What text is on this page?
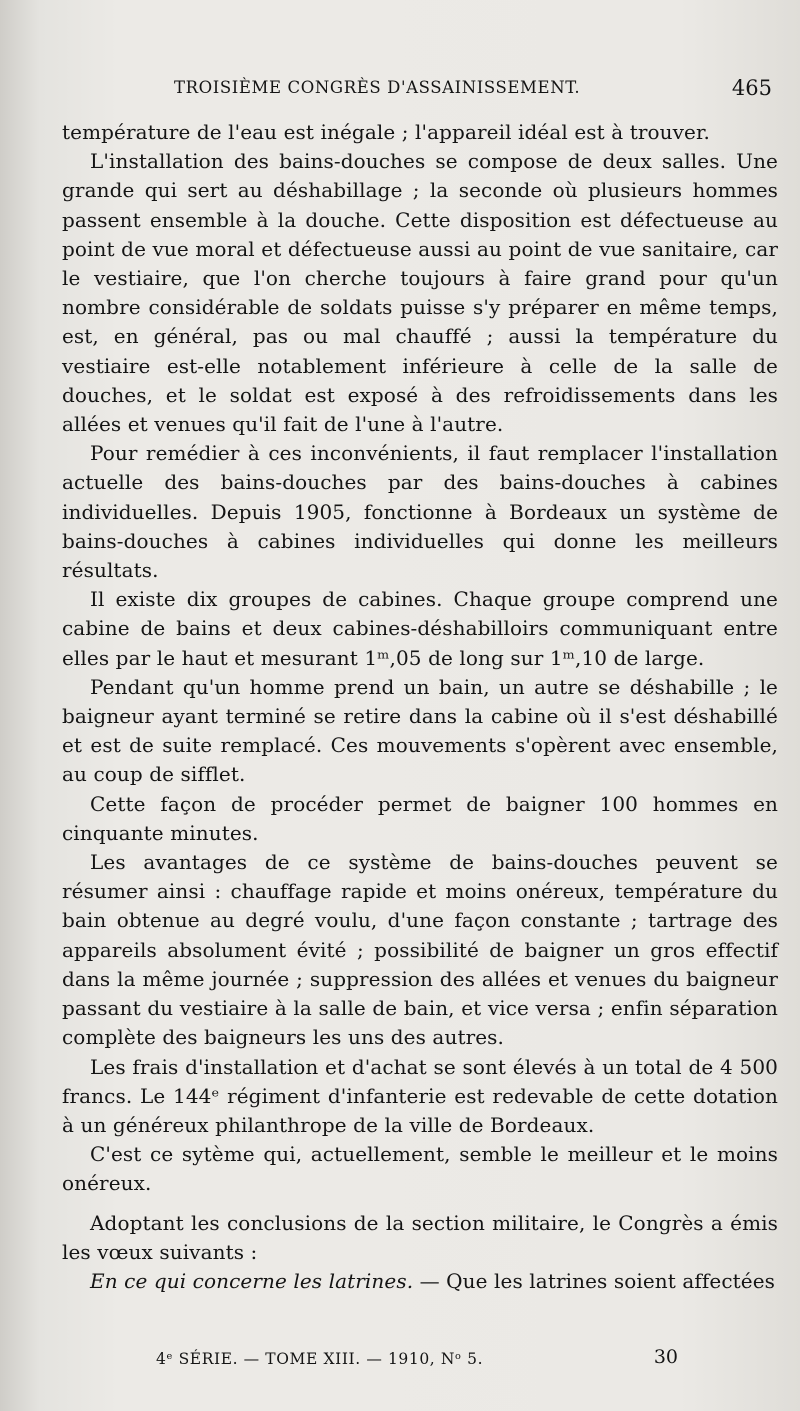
TROISIÈME CONGRÈS D'ASSAINISSEMENT.	465

température de l'eau est inégale ; l'appareil idéal est à trouver.

L'installation des bains-douches se compose de deux salles. Une grande qui sert au déshabillage ; la seconde où plusieurs hommes passent ensemble à la douche. Cette disposition est défectueuse au point de vue moral et défectueuse aussi au point de vue sanitaire, car le vestiaire, que l'on cherche toujours à faire grand pour qu'un nombre considérable de soldats puisse s'y préparer en même temps, est, en général, pas ou mal chauffé ; aussi la température du vestiaire est-elle notablement inférieure à celle de la salle de douches, et le soldat est exposé à des refroidissements dans les allées et venues qu'il fait de l'une à l'autre.

Pour remédier à ces inconvénients, il faut remplacer l'installation actuelle des bains-douches par des bains-douches à cabines individuelles. Depuis 1905, fonctionne à Bordeaux un système de bains-douches à cabines individuelles qui donne les meilleurs résultats.

Il existe dix groupes de cabines. Chaque groupe comprend une cabine de bains et deux cabines-déshabilloirs communiquant entre elles par le haut et mesurant 1ᵐ,05 de long sur 1ᵐ,10 de large.

Pendant qu'un homme prend un bain, un autre se déshabille ; le baigneur ayant terminé se retire dans la cabine où il s'est déshabillé et est de suite remplacé. Ces mouvements s'opèrent avec ensemble, au coup de sifflet.

Cette façon de procéder permet de baigner 100 hommes en cinquante minutes.

Les avantages de ce système de bains-douches peuvent se résumer ainsi : chauffage rapide et moins onéreux, température du bain obtenue au degré voulu, d'une façon constante ; tartrage des appareils absolument évité ; possibilité de baigner un gros effectif dans la même journée ; suppression des allées et venues du baigneur passant du vestiaire à la salle de bain, et vice versa ; enfin séparation complète des baigneurs les uns des autres.

Les frais d'installation et d'achat se sont élevés à un total de 4 500 francs. Le 144ᵉ régiment d'infanterie est redevable de cette dotation à un généreux philanthrope de la ville de Bordeaux.

C'est ce sytème qui, actuellement, semble le meilleur et le moins onéreux.

Adoptant les conclusions de la section militaire, le Congrès a émis les vœux suivants :

En ce qui concerne les latrines. — Que les latrines soient affectées

4ᵉ SÉRIE. — TOME XIII. — 1910, Nᵒ 5.	30
